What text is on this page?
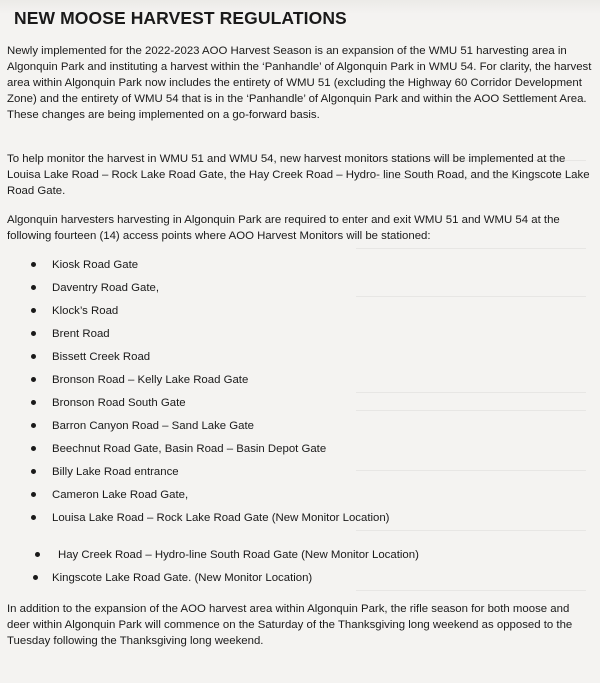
NEW MOOSE HARVEST REGULATIONS

Newly implemented for the 2022-2023 AOO Harvest Season is an expansion of the WMU 51 harvesting area in Algonquin Park and instituting a harvest within the ‘Panhandle’ of Algonquin Park in WMU 54. For clarity, the harvest area within Algonquin Park now includes the entirety of WMU 51 (excluding the Highway 60 Corridor Development Zone) and the entirety of WMU 54 that is in the ‘Panhandle’ of Algonquin Park and within the AOO Settlement Area. These changes are being implemented on a go-forward basis.

To help monitor the harvest in WMU 51 and WMU 54, new harvest monitors stations will be implemented at the Louisa Lake Road – Rock Lake Road Gate, the Hay Creek Road – Hydro- line South Road, and the Kingscote Lake Road Gate.

Algonquin harvesters harvesting in Algonquin Park are required to enter and exit WMU 51 and WMU 54 at the following fourteen (14) access points where AOO Harvest Monitors will be stationed:

Kiosk Road Gate
Daventry Road Gate,
Klock’s Road
Brent Road
Bissett Creek Road
Bronson Road – Kelly Lake Road Gate
Bronson Road South Gate
Barron Canyon Road – Sand Lake Gate
Beechnut Road Gate, Basin Road – Basin Depot Gate
Billy Lake Road entrance
Cameron Lake Road Gate,
Louisa Lake Road – Rock Lake Road Gate (New Monitor Location)
Hay Creek Road – Hydro-line South Road Gate (New Monitor Location)
Kingscote Lake Road Gate. (New Monitor Location)

In addition to the expansion of the AOO harvest area within Algonquin Park, the rifle season for both moose and deer within Algonquin Park will commence on the Saturday of the Thanksgiving long weekend as opposed to the Tuesday following the Thanksgiving long weekend.
